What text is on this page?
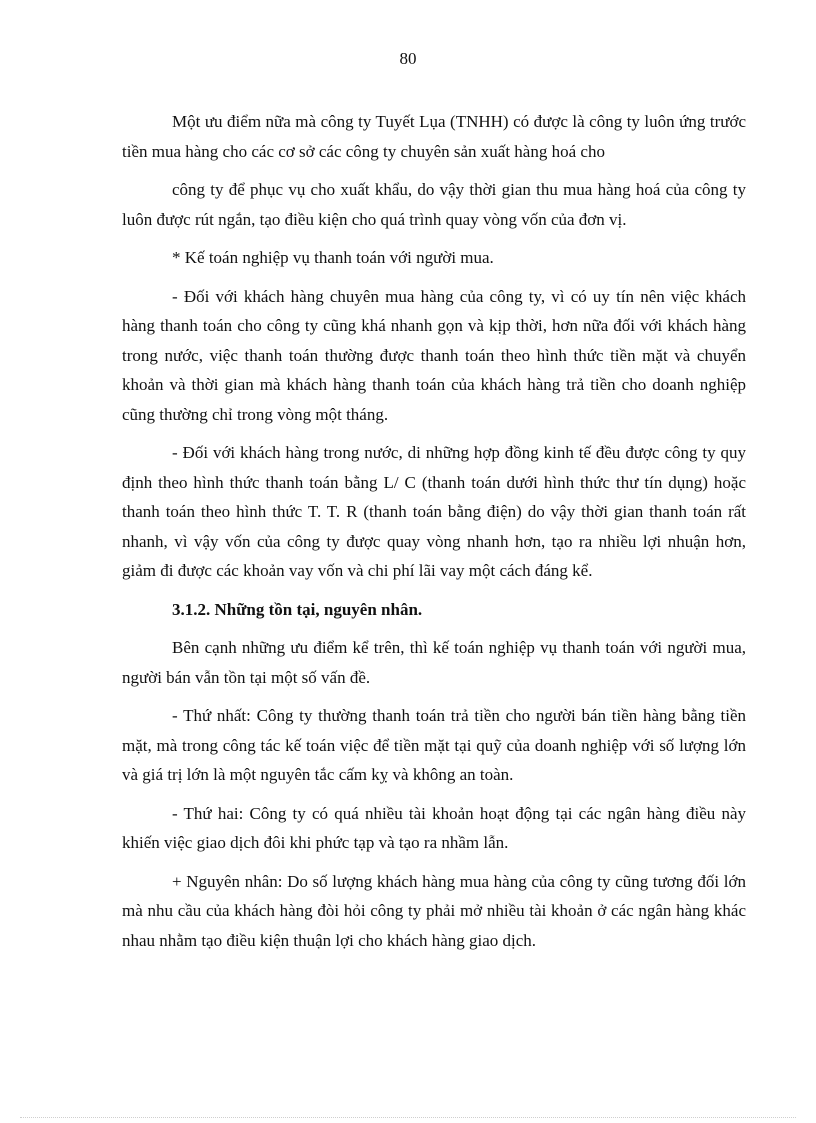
80

Một ưu điểm nữa mà công ty Tuyết Lụa (TNHH) có được là công ty luôn ứng trước tiền mua hàng cho các cơ sở các công ty chuyên sản xuất hàng hoá cho

công ty để phục vụ cho xuất khẩu, do vậy thời gian thu mua hàng hoá của công ty luôn được rút ngắn, tạo điều kiện cho quá trình quay vòng vốn của đơn vị.

* Kế toán nghiệp vụ thanh toán với người mua.

- Đối với khách hàng chuyên mua hàng của công ty, vì có uy tín nên việc khách hàng thanh toán cho công ty cũng khá nhanh gọn và kịp thời, hơn nữa đối với khách hàng trong nước, việc thanh toán thường được thanh toán theo hình thức tiền mặt và chuyển khoản và thời gian mà khách hàng thanh toán của khách hàng trả tiền cho doanh nghiệp cũng thường chỉ trong vòng một tháng.

- Đối với khách hàng trong nước, di những hợp đồng kinh tế đều được công ty quy định theo hình thức thanh toán bằng L/ C (thanh toán dưới hình thức thư tín dụng) hoặc thanh toán theo hình thức T. T. R (thanh toán bằng điện) do vậy thời gian thanh toán rất nhanh, vì vậy vốn của công ty được quay vòng nhanh hơn, tạo ra nhiều lợi nhuận hơn, giảm đi được các khoản vay vốn và chi phí lãi vay một cách đáng kể.

3.1.2. Những tồn tại, nguyên nhân.

Bên cạnh những ưu điểm kể trên, thì kế toán nghiệp vụ thanh toán với người mua, người bán vẫn tồn tại một số vấn đề.

- Thứ nhất: Công ty thường thanh toán trả tiền cho người bán tiền hàng bằng tiền mặt, mà trong công tác kế toán việc để tiền mặt tại quỹ của doanh nghiệp với số lượng lớn và giá trị lớn là một nguyên tắc cấm kỵ và không an toàn.

- Thứ hai: Công ty có quá nhiều tài khoản hoạt động tại các ngân hàng điều này khiến việc giao dịch đôi khi phức tạp và tạo ra nhầm lẫn.

+ Nguyên nhân: Do số lượng khách hàng mua hàng của công ty cũng tương đối lớn mà nhu cầu của khách hàng đòi hỏi công ty phải mở nhiều tài khoản ở các ngân hàng khác nhau nhằm tạo điều kiện thuận lợi cho khách hàng giao dịch.
